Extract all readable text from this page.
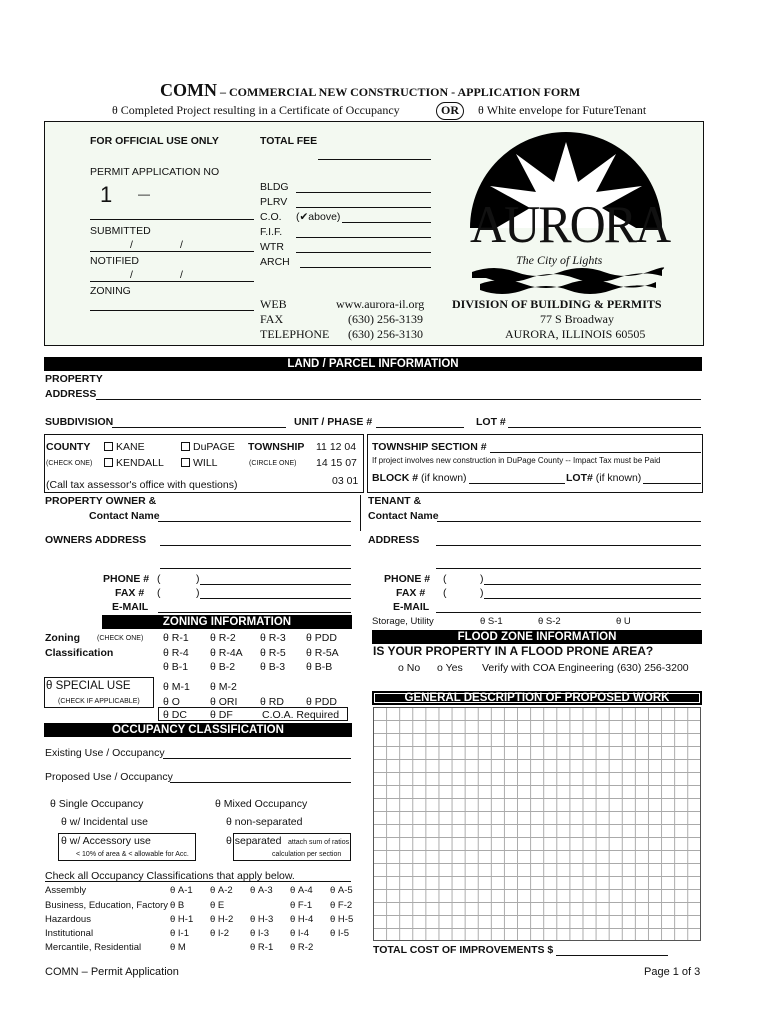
COMN – COMMERCIAL NEW CONSTRUCTION - APPLICATION FORM
θ Completed Project resulting in a Certificate of Occupancy	OR	θ White envelope for FutureTenant
FOR OFFICIAL USE ONLY	TOTAL FEE
PERMIT APPLICATION NO
1 —
SUBMITTED
/	/
NOTIFIED
/	/
ZONING
BLDG
PLRV
C.O. (✔above)
F.I.F.
WTR
ARCH
WEB	www.aurora-il.org
FAX	(630) 256-3139
TELEPHONE (630) 256-3130
AURORA
The City of Lights
DIVISION OF BUILDING & PERMITS
77 S Broadway
AURORA, ILLINOIS 60505
LAND / PARCEL INFORMATION
PROPERTY
ADDRESS
SUBDIVISION	UNIT / PHASE #	LOT #
COUNTY
(CHECK ONE)
KANE	DuPAGE
KENDALL	WILL
TOWNSHIP
(CIRCLE ONE)
11 12 04
14 15 07
03 01
(Call tax assessor's office with questions)
TOWNSHIP SECTION #
If project involves new construction in DuPage County -- Impact Tax must be Paid
BLOCK # (if known)	LOT# (if known)
PROPERTY OWNER &
Contact Name
TENANT &
Contact Name
OWNERS ADDRESS	ADDRESS
PHONE # (	)
FAX # (	)
E-MAIL
PHONE # (	)
FAX # (	)
E-MAIL
ZONING INFORMATION
Zoning (CHECK ONE)
Classification
θ R-1 θ R-2 θ R-3 θ PDD
θ R-4 θ R-4A θ R-5 θ R-5A
θ B-1 θ B-2 θ B-3 θ B-B
θ M-1 θ M-2
θ O	θ ORI θ RD θ PDD
θ DC θ DF	C.O.A. Required
θ SPECIAL USE
(CHECK IF APPLICABLE)
Storage, Utility	θ S-1	θ S-2	θ U
FLOOD ZONE INFORMATION
IS YOUR PROPERTY IN A FLOOD PRONE AREA?
o No o Yes Verify with COA Engineering (630) 256-3200
GENERAL DESCRIPTION OF PROPOSED WORK
TOTAL COST OF IMPROVEMENTS $
OCCUPANCY CLASSIFICATION
Existing Use / Occupancy
Proposed Use / Occupancy
θ Single Occupancy
θ w/ Incidental use
θ w/ Accessory use
< 10% of area & < allowable for Acc.
θ Mixed Occupancy
θ non-separated
θ separated attach sum of ratios
calculation per section
Check all Occupancy Classifications that apply below.
Assembly	θ A-1 θ A-2 θ A-3 θ A-4 θ A-5
Business, Education, Factory θ B	θ E	θ F-1 θ F-2
Hazardous	θ H-1 θ H-2 θ H-3 θ H-4 θ H-5
Institutional	θ I-1 θ I-2 θ I-3 θ I-4 θ I-5
Mercantile, Residential	θ M	θ R-1 θ R-2
COMN – Permit Application	Page 1 of 3
